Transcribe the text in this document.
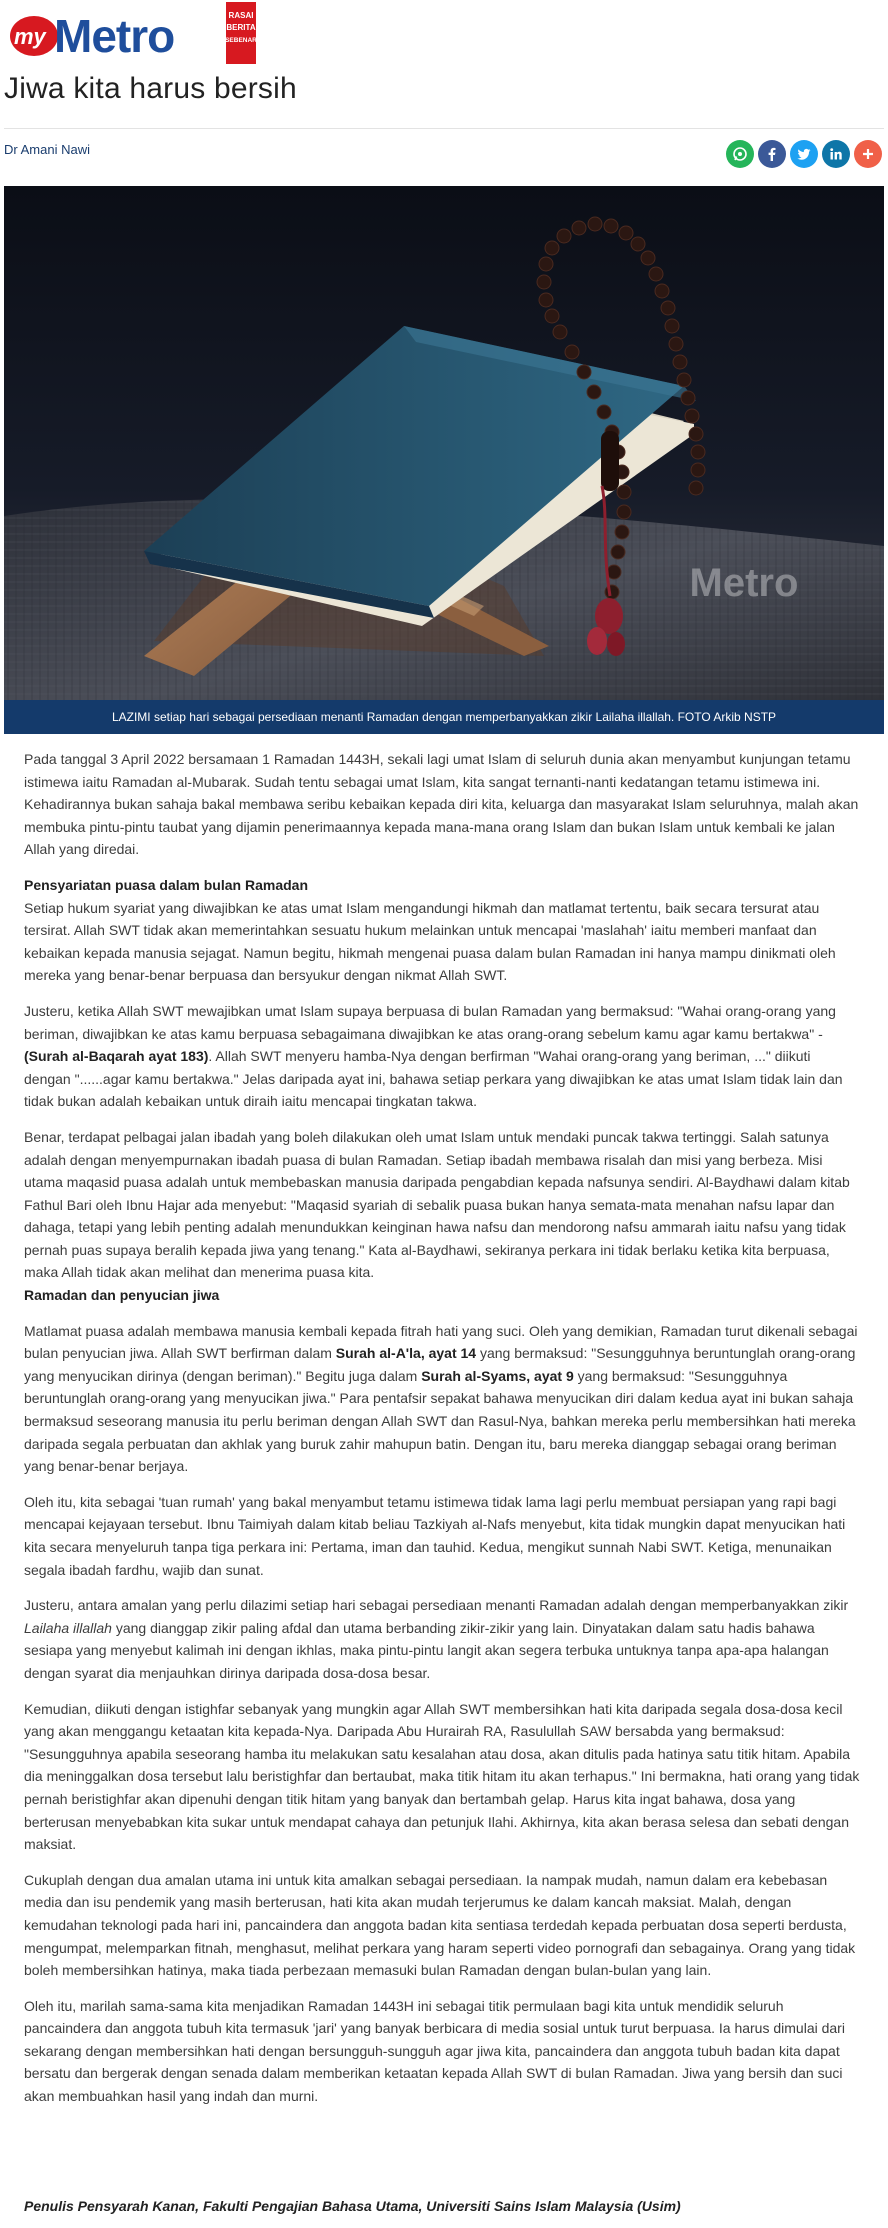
my Metro	RASAI
BERITA
SEBENAR
Jiwa kita harus bersih
Dr Amani Nawi
Metro
LAZIMI setiap hari sebagai persediaan menanti Ramadan dengan memperbanyakkan zikir Lailaha illallah. FOTO Arkib NSTP

Pada tanggal 3 April 2022 bersamaan 1 Ramadan 1443H, sekali lagi umat Islam di seluruh dunia akan menyambut kunjungan tetamu istimewa iaitu Ramadan al-Mubarak. Sudah tentu sebagai umat Islam, kita sangat ternanti-nanti kedatangan tetamu istimewa ini. Kehadirannya bukan sahaja bakal membawa seribu kebaikan kepada diri kita, keluarga dan masyarakat Islam seluruhnya, malah akan membuka pintu-pintu taubat yang dijamin penerimaannya kepada mana-mana orang Islam dan bukan Islam untuk kembali ke jalan Allah yang diredai.

Pensyariatan puasa dalam bulan Ramadan

Setiap hukum syariat yang diwajibkan ke atas umat Islam mengandungi hikmah dan matlamat tertentu, baik secara tersurat atau tersirat. Allah SWT tidak akan memerintahkan sesuatu hukum melainkan untuk mencapai 'maslahah' iaitu memberi manfaat dan kebaikan kepada manusia sejagat. Namun begitu, hikmah mengenai puasa dalam bulan Ramadan ini hanya mampu dinikmati oleh mereka yang benar-benar berpuasa dan bersyukur dengan nikmat Allah SWT.

Justeru, ketika Allah SWT mewajibkan umat Islam supaya berpuasa di bulan Ramadan yang bermaksud: "Wahai orang-orang yang beriman, diwajibkan ke atas kamu berpuasa sebagaimana diwajibkan ke atas orang-orang sebelum kamu agar kamu bertakwa" - (Surah al-Baqarah ayat 183). Allah SWT menyeru hamba-Nya dengan berfirman "Wahai orang-orang yang beriman, ..." diikuti dengan "......agar kamu bertakwa." Jelas daripada ayat ini, bahawa setiap perkara yang diwajibkan ke atas umat Islam tidak lain dan tidak bukan adalah kebaikan untuk diraih iaitu mencapai tingkatan takwa.

Benar, terdapat pelbagai jalan ibadah yang boleh dilakukan oleh umat Islam untuk mendaki puncak takwa tertinggi. Salah satunya adalah dengan menyempurnakan ibadah puasa di bulan Ramadan. Setiap ibadah membawa risalah dan misi yang berbeza. Misi utama maqasid puasa adalah untuk membebaskan manusia daripada pengabdian kepada nafsunya sendiri. Al-Baydhawi dalam kitab Fathul Bari oleh Ibnu Hajar ada menyebut: "Maqasid syariah di sebalik puasa bukan hanya semata-mata menahan nafsu lapar dan dahaga, tetapi yang lebih penting adalah menundukkan keinginan hawa nafsu dan mendorong nafsu ammarah iaitu nafsu yang tidak pernah puas supaya beralih kepada jiwa yang tenang." Kata al-Baydhawi, sekiranya perkara ini tidak berlaku ketika kita berpuasa, maka Allah tidak akan melihat dan menerima puasa kita.

Ramadan dan penyucian jiwa

Matlamat puasa adalah membawa manusia kembali kepada fitrah hati yang suci. Oleh yang demikian, Ramadan turut dikenali sebagai bulan penyucian jiwa. Allah SWT berfirman dalam Surah al-A'la, ayat 14 yang bermaksud: "Sesungguhnya beruntunglah orang-orang yang menyucikan dirinya (dengan beriman)." Begitu juga dalam Surah al-Syams, ayat 9 yang bermaksud: "Sesungguhnya beruntunglah orang-orang yang menyucikan jiwa." Para pentafsir sepakat bahawa menyucikan diri dalam kedua ayat ini bukan sahaja bermaksud seseorang manusia itu perlu beriman dengan Allah SWT dan Rasul-Nya, bahkan mereka perlu membersihkan hati mereka daripada segala perbuatan dan akhlak yang buruk zahir mahupun batin. Dengan itu, baru mereka dianggap sebagai orang beriman yang benar-benar berjaya.

Oleh itu, kita sebagai 'tuan rumah' yang bakal menyambut tetamu istimewa tidak lama lagi perlu membuat persiapan yang rapi bagi mencapai kejayaan tersebut. Ibnu Taimiyah dalam kitab beliau Tazkiyah al-Nafs menyebut, kita tidak mungkin dapat menyucikan hati kita secara menyeluruh tanpa tiga perkara ini: Pertama, iman dan tauhid. Kedua, mengikut sunnah Nabi SWT. Ketiga, menunaikan segala ibadah fardhu, wajib dan sunat.

Justeru, antara amalan yang perlu dilazimi setiap hari sebagai persediaan menanti Ramadan adalah dengan memperbanyakkan zikir Lailaha illallah yang dianggap zikir paling afdal dan utama berbanding zikir-zikir yang lain. Dinyatakan dalam satu hadis bahawa sesiapa yang menyebut kalimah ini dengan ikhlas, maka pintu-pintu langit akan segera terbuka untuknya tanpa apa-apa halangan dengan syarat dia menjauhkan dirinya daripada dosa-dosa besar.

Kemudian, diikuti dengan istighfar sebanyak yang mungkin agar Allah SWT membersihkan hati kita daripada segala dosa-dosa kecil yang akan menggangu ketaatan kita kepada-Nya. Daripada Abu Hurairah RA, Rasulullah SAW bersabda yang bermaksud: "Sesungguhnya apabila seseorang hamba itu melakukan satu kesalahan atau dosa, akan ditulis pada hatinya satu titik hitam. Apabila dia meninggalkan dosa tersebut lalu beristighfar dan bertaubat, maka titik hitam itu akan terhapus." Ini bermakna, hati orang yang tidak pernah beristighfar akan dipenuhi dengan titik hitam yang banyak dan bertambah gelap. Harus kita ingat bahawa, dosa yang berterusan menyebabkan kita sukar untuk mendapat cahaya dan petunjuk Ilahi. Akhirnya, kita akan berasa selesa dan sebati dengan maksiat.

Cukuplah dengan dua amalan utama ini untuk kita amalkan sebagai persediaan. Ia nampak mudah, namun dalam era kebebasan media dan isu pendemik yang masih berterusan, hati kita akan mudah terjerumus ke dalam kancah maksiat. Malah, dengan kemudahan teknologi pada hari ini, pancaindera dan anggota badan kita sentiasa terdedah kepada perbuatan dosa seperti berdusta, mengumpat, melemparkan fitnah, menghasut, melihat perkara yang haram seperti video pornografi dan sebagainya. Orang yang tidak boleh membersihkan hatinya, maka tiada perbezaan memasuki bulan Ramadan dengan bulan-bulan yang lain.

Oleh itu, marilah sama-sama kita menjadikan Ramadan 1443H ini sebagai titik permulaan bagi kita untuk mendidik seluruh pancaindera dan anggota tubuh kita termasuk 'jari' yang banyak berbicara di media sosial untuk turut berpuasa. Ia harus dimulai dari sekarang dengan membersihkan hati dengan bersungguh-sungguh agar jiwa kita, pancaindera dan anggota tubuh badan kita dapat bersatu dan bergerak dengan senada dalam memberikan ketaatan kepada Allah SWT di bulan Ramadan. Jiwa yang bersih dan suci akan membuahkan hasil yang indah dan murni.

Penulis Pensyarah Kanan, Fakulti Pengajian Bahasa Utama, Universiti Sains Islam Malaysia (Usim)
